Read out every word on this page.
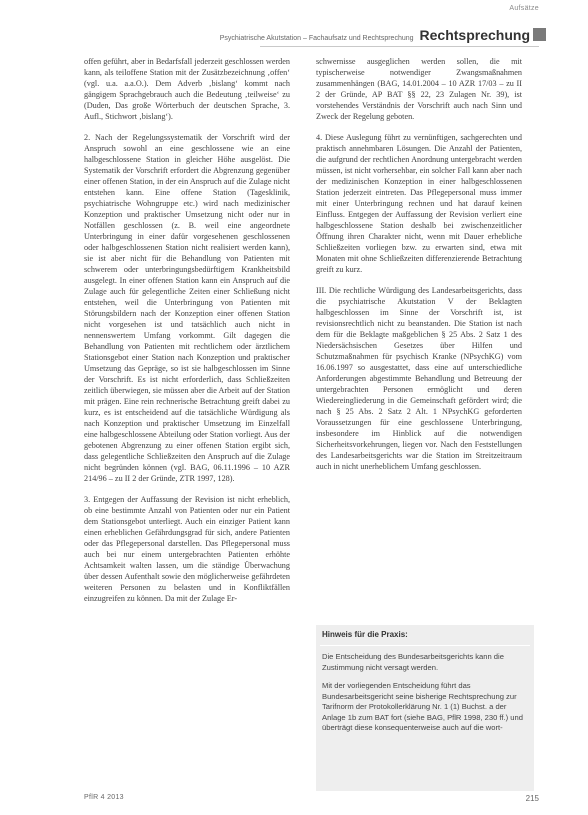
Aufsätze
Psychiatrische Akutstation – Fachaufsatz und Rechtsprechung Rechtsprechung

offen geführt, aber in Bedarfsfall jederzeit geschlossen werden kann, als teiloffene Station mit der Zusätzbezeichnung ‚offen‘ (vgl. u.a. a.a.O.). Dem Adverb ‚bislang‘ kommt nach gängigem Sprachgebrauch auch die Bedeutung ‚teilweise‘ zu (Duden, Das große Wörterbuch der deutschen Sprache, 3. Aufl., Stichwort ‚bislang‘).

2. Nach der Regelungssystematik der Vorschrift wird der Anspruch sowohl an eine geschlossene wie an eine halbgeschlossene Station in gleicher Höhe ausgelöst. Die Systematik der Vorschrift erfordert die Abgrenzung gegenüber einer offenen Station, in der ein Anspruch auf die Zulage nicht entstehen kann. Eine offene Station (Tagesklinik, psychiatrische Wohngruppe etc.) wird nach medizinischer Konzeption und praktischer Umsetzung nicht oder nur in Notfällen geschlossen (z. B. weil eine angeordnete Unterbringung in einer dafür vorgesehenen geschlossenen oder halbgeschlossenen Station nicht realisiert werden kann), sie ist aber nicht für die Behandlung von Patienten mit schwerem oder unterbringungsbedürftigem Krankheitsbild ausgelegt. In einer offenen Station kann ein Anspruch auf die Zulage auch für gelegentliche Zeiten einer Schließung nicht entstehen, weil die Unterbringung von Patienten mit Störungsbildern nach der Konzeption einer offenen Station nicht vorgesehen ist und tatsächlich auch nicht in nennenswertem Umfang vorkommt. Gilt dagegen die Behandlung von Patienten mit rechtlichem oder ärztlichem Stationsgebot einer Station nach Konzeption und praktischer Umsetzung das Gepräge, so ist sie halbgeschlossen im Sinne der Vorschrift. Es ist nicht erforderlich, dass Schließzeiten zeitlich überwiegen, sie müssen aber die Arbeit auf der Station mit prägen. Eine rein rechnerische Betrachtung greift dabei zu kurz, es ist entscheidend auf die tatsächliche Würdigung als nach Konzeption und praktischer Umsetzung im Einzelfall eine halbgeschlossene Abteilung oder Station vorliegt. Aus der gebotenen Abgrenzung zu einer offenen Station ergibt sich, dass gelegentliche Schließzeiten den Anspruch auf die Zulage nicht begründen können (vgl. BAG, 06.11.1996 – 10 AZR 214/96 – zu II 2 der Gründe, ZTR 1997, 128).

3. Entgegen der Auffassung der Revision ist nicht erheblich, ob eine bestimmte Anzahl von Patienten oder nur ein Patient dem Stationsgebot unterliegt. Auch ein einziger Patient kann einen erheblichen Gefährdungsgrad für sich, andere Patienten oder das Pflegepersonal darstellen. Das Pflegepersonal muss auch bei nur einem untergebrachten Patienten erhöhte Achtsamkeit walten lassen, um die ständige Überwachung über dessen Aufenthalt sowie den möglicherweise gefährdeten weiteren Personen zu belasten und in Konfliktfällen einzugreifen zu können. Da mit der Zulage Er-

schwernisse ausgeglichen werden sollen, die mit typischerweise notwendiger Zwangsmaßnahmen zusammenhängen (BAG, 14.01.2004 – 10 AZR 17/03 – zu II 2 der Gründe, AP BAT §§ 22, 23 Zulagen Nr. 39), ist vorstehendes Verständnis der Vorschrift auch nach Sinn und Zweck der Regelung geboten.

4. Diese Auslegung führt zu vernünftigen, sachgerechten und praktisch annehmbaren Lösungen. Die Anzahl der Patienten, die aufgrund der rechtlichen Anordnung untergebracht werden müssen, ist nicht vorhersehbar, ein solcher Fall kann aber nach der medizinischen Konzeption in einer halbgeschlossenen Station jederzeit eintreten. Das Pflegepersonal muss immer mit einer Unterbringung rechnen und hat darauf keinen Einfluss. Entgegen der Auffassung der Revision verliert eine halbgeschlossene Station deshalb bei zwischenzeitlicher Öffnung ihren Charakter nicht, wenn mit Dauer erhebliche Schließzeiten vorliegen bzw. zu erwarten sind, etwa mit Monaten mit ohne Schließzeiten differenzierende Betrachtung greift zu kurz.

III. Die rechtliche Würdigung des Landesarbeitsgerichts, dass die psychiatrische Akutstation V der Beklagten halbgeschlossen im Sinne der Vorschrift ist, ist revisionsrechtlich nicht zu beanstanden. Die Station ist nach dem für die Beklagte maßgeblichen § 25 Abs. 2 Satz 1 des Niedersächsischen Gesetzes über Hilfen und Schutzmaßnahmen für psychisch Kranke (NPsychKG) vom 16.06.1997 so ausgestattet, dass eine auf unterschiedliche Anforderungen abgestimmte Behandlung und Betreuung der untergebrachten Personen ermöglicht und deren Wiedereingliederung in die Gemeinschaft gefördert wird; die nach § 25 Abs. 2 Satz 2 Alt. 1 NPsychKG geforderten Voraussetzungen für eine geschlossene Unterbringung, insbesondere im Hinblick auf die notwendigen Sicherheitsvorkehrungen, liegen vor. Nach den Feststellungen des Landesarbeitsgerichts war die Station im Streitzeitraum auch in nicht unerheblichem Umfang geschlossen.

Hinweis für die Praxis:

Die Entscheidung des Bundesarbeitsgerichts kann die Zustimmung nicht versagt werden.

Mit der vorliegenden Entscheidung führt das Bundesarbeitsgericht seine bisherige Rechtsprechung zur Tarifnorm der Protokollerklärung Nr. 1 (1) Buchst. a der Anlage 1b zum BAT fort (siehe BAG, PflR 1998, 230 ff.) und überträgt diese konsequenterweise auch auf die wort-

PflR 4 2013	215
